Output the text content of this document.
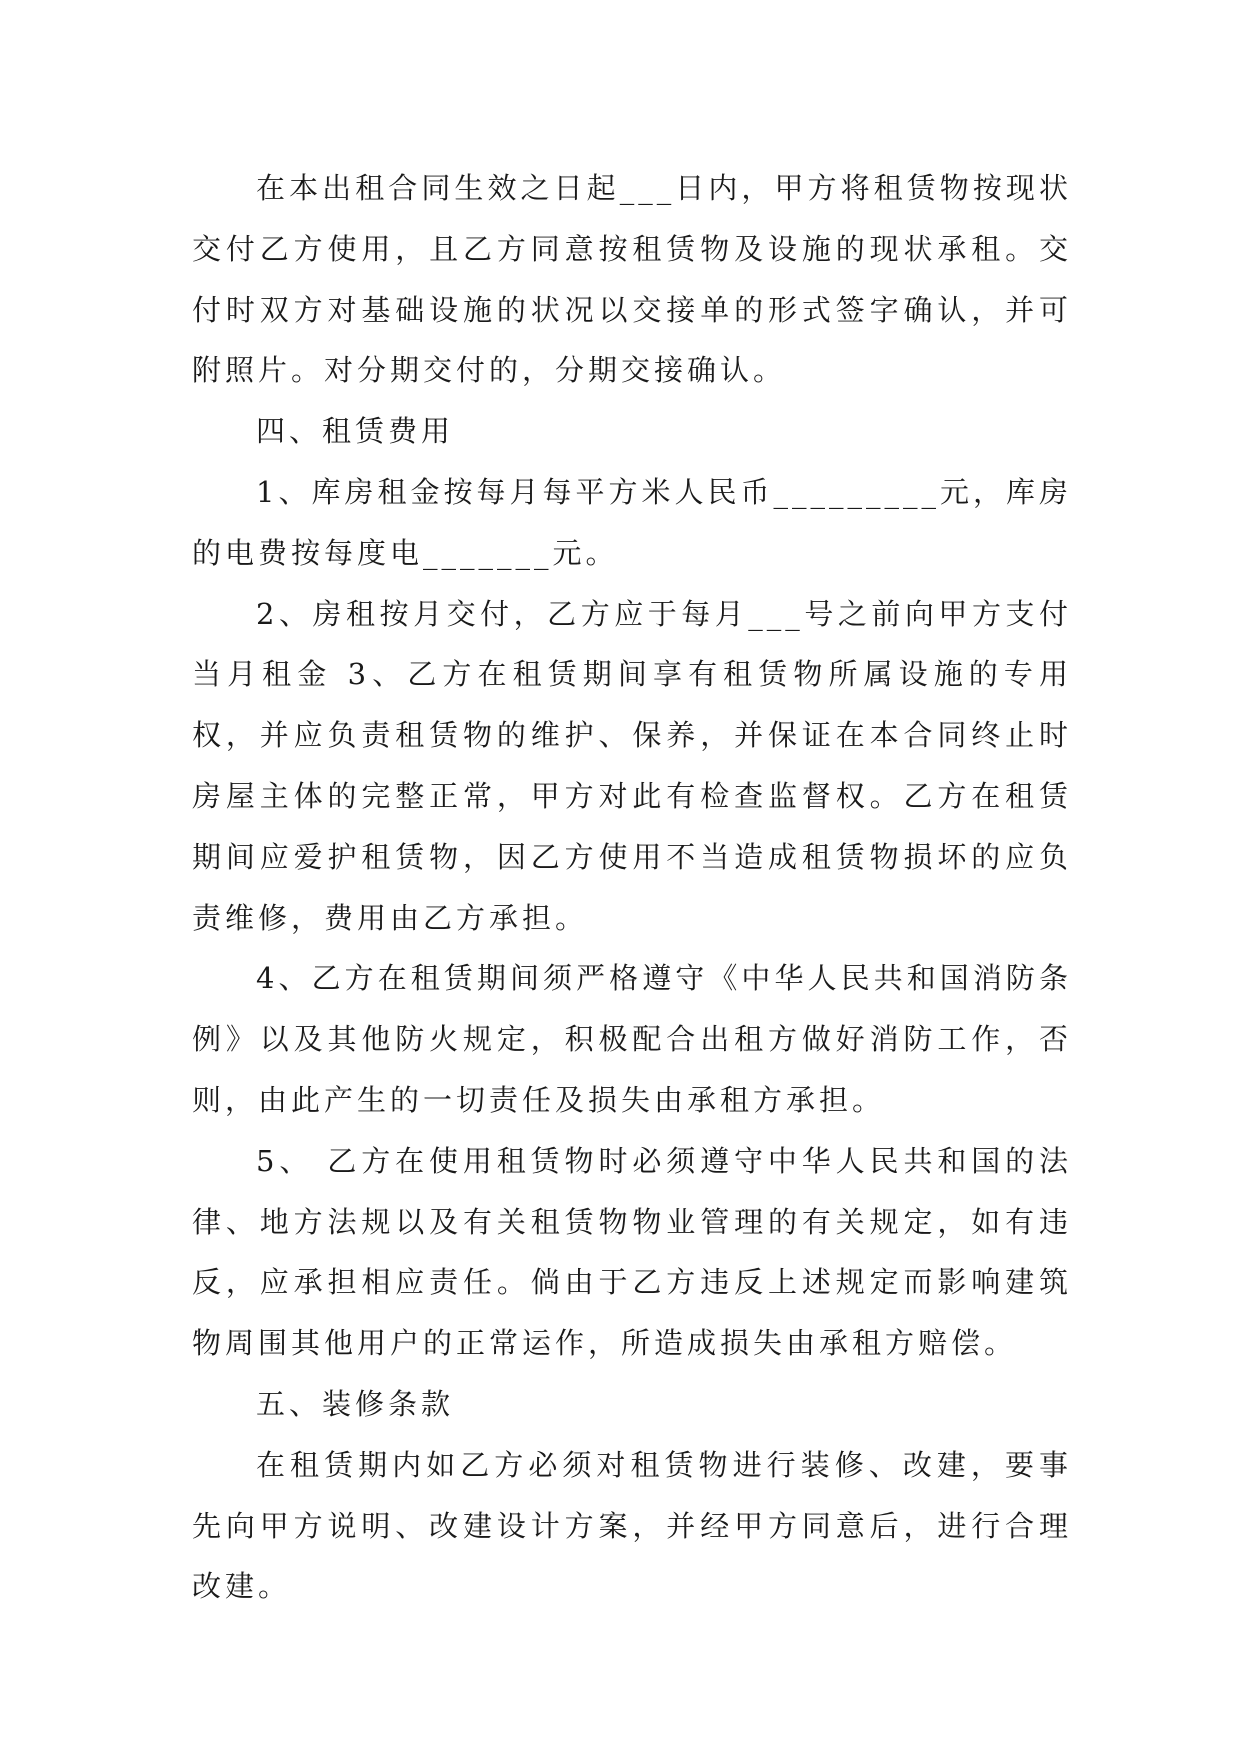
在本出租合同生效之日起___日内，甲方将租赁物按现状交付乙方使用，且乙方同意按租赁物及设施的现状承租。交付时双方对基础设施的状况以交接单的形式签字确认，并可附照片。对分期交付的，分期交接确认。

四、租赁费用

1、库房租金按每月每平方米人民币_________元，库房的电费按每度电_______元。

2、房租按月交付，乙方应于每月___号之前向甲方支付当月租金 3、乙方在租赁期间享有租赁物所属设施的专用权，并应负责租赁物的维护、保养，并保证在本合同终止时房屋主体的完整正常，甲方对此有检查监督权。乙方在租赁期间应爱护租赁物，因乙方使用不当造成租赁物损坏的应负责维修，费用由乙方承担。

4、乙方在租赁期间须严格遵守《中华人民共和国消防条例》以及其他防火规定，积极配合出租方做好消防工作，否则，由此产生的一切责任及损失由承租方承担。

5、 乙方在使用租赁物时必须遵守中华人民共和国的法律、地方法规以及有关租赁物物业管理的有关规定，如有违反，应承担相应责任。倘由于乙方违反上述规定而影响建筑物周围其他用户的正常运作，所造成损失由承租方赔偿。

五、装修条款

在租赁期内如乙方必须对租赁物进行装修、改建，要事先向甲方说明、改建设计方案，并经甲方同意后，进行合理改建。
